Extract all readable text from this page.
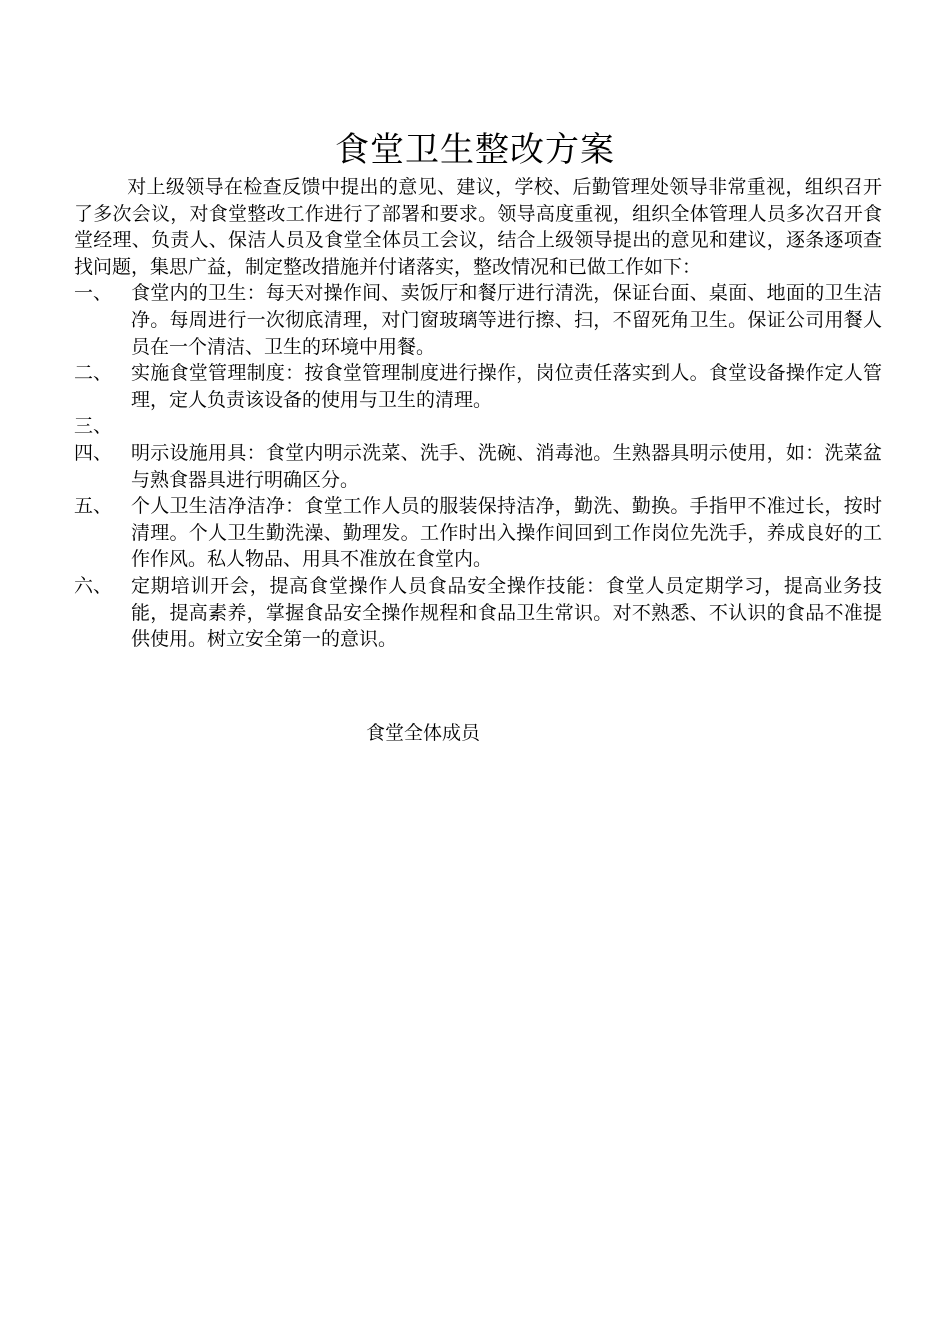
食堂卫生整改方案

对上级领导在检查反馈中提出的意见、建议，学校、后勤管理处领导非常重视，组织召开了多次会议，对食堂整改工作进行了部署和要求。领导高度重视，组织全体管理人员多次召开食堂经理、负责人、保洁人员及食堂全体员工会议，结合上级领导提出的意见和建议，逐条逐项查找问题，集思广益，制定整改措施并付诸落实，整改情况和已做工作如下：

一、 食堂内的卫生：每天对操作间、卖饭厅和餐厅进行清洗，保证台面、桌面、地面的卫生洁净。每周进行一次彻底清理，对门窗玻璃等进行擦、扫，不留死角卫生。保证公司用餐人员在一个清洁、卫生的环境中用餐。
二、 实施食堂管理制度：按食堂管理制度进行操作，岗位责任落实到人。食堂设备操作定人管理，定人负责该设备的使用与卫生的清理。
三、
四、 明示设施用具：食堂内明示洗菜、洗手、洗碗、消毒池。生熟器具明示使用，如：洗菜盆与熟食器具进行明确区分。
五、 个人卫生洁净洁净：食堂工作人员的服装保持洁净，勤洗、勤换。手指甲不准过长，按时清理。个人卫生勤洗澡、勤理发。工作时出入操作间回到工作岗位先洗手，养成良好的工作作风。私人物品、用具不准放在食堂内。
六、 定期培训开会，提高食堂操作人员食品安全操作技能：食堂人员定期学习，提高业务技能，提高素养，掌握食品安全操作规程和食品卫生常识。对不熟悉、不认识的食品不准提供使用。树立安全第一的意识。
食堂全体成员
